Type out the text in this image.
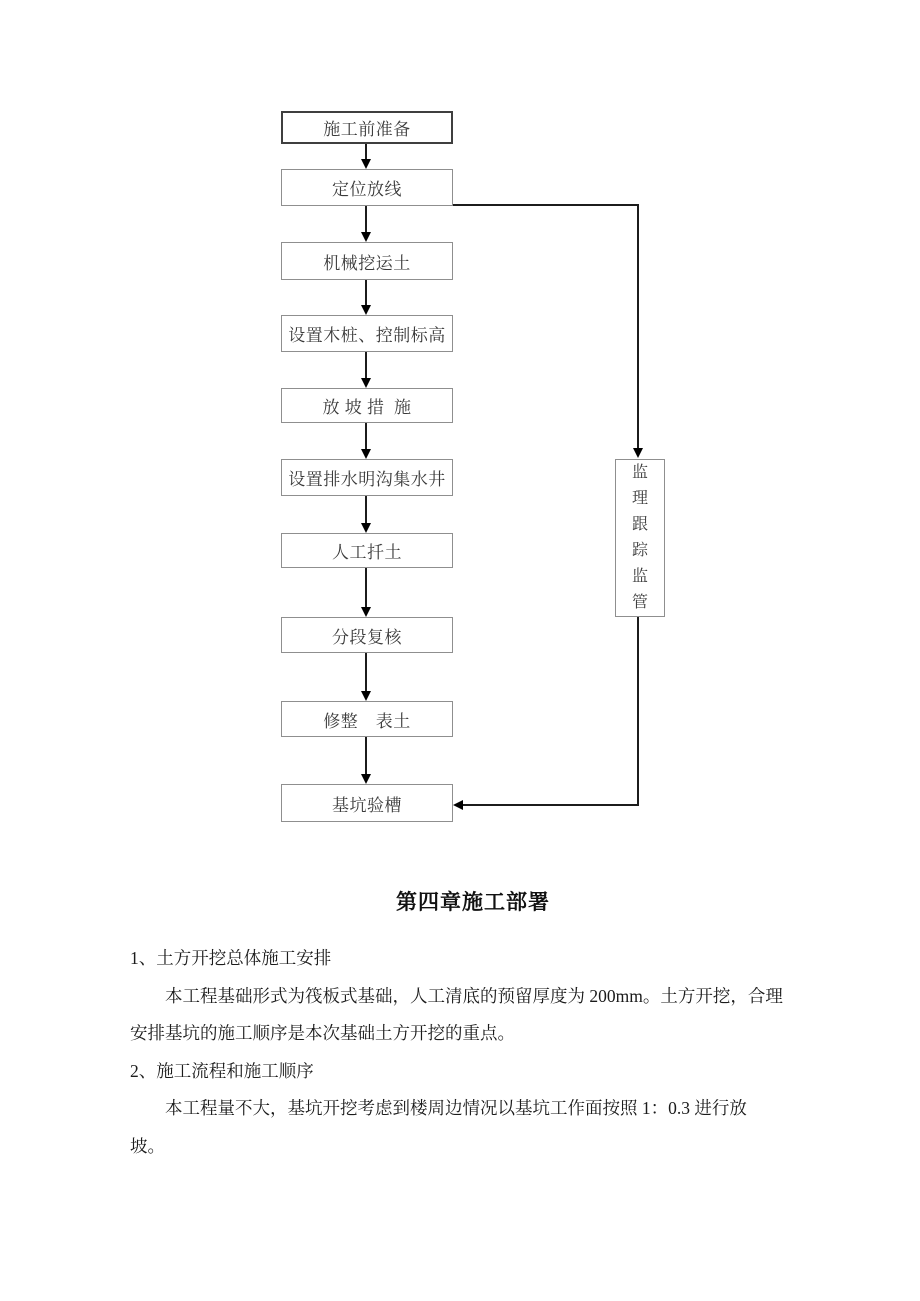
施工前准备
定位放线
机械挖运土
设置木桩、控制标高
放 坡 措  施
设置排水明沟集水井
人工扦土
分段复核
修整　表土
基坑验槽
监理跟踪监管
第四章施工部署
1、土方开挖总体施工安排
本工程基础形式为筏板式基础，人工清底的预留厚度为 200mm。土方开挖，合理
安排基坑的施工顺序是本次基础土方开挖的重点。
2、施工流程和施工顺序
本工程量不大，基坑开挖考虑到楼周边情况以基坑工作面按照 1：0.3 进行放
坡。
